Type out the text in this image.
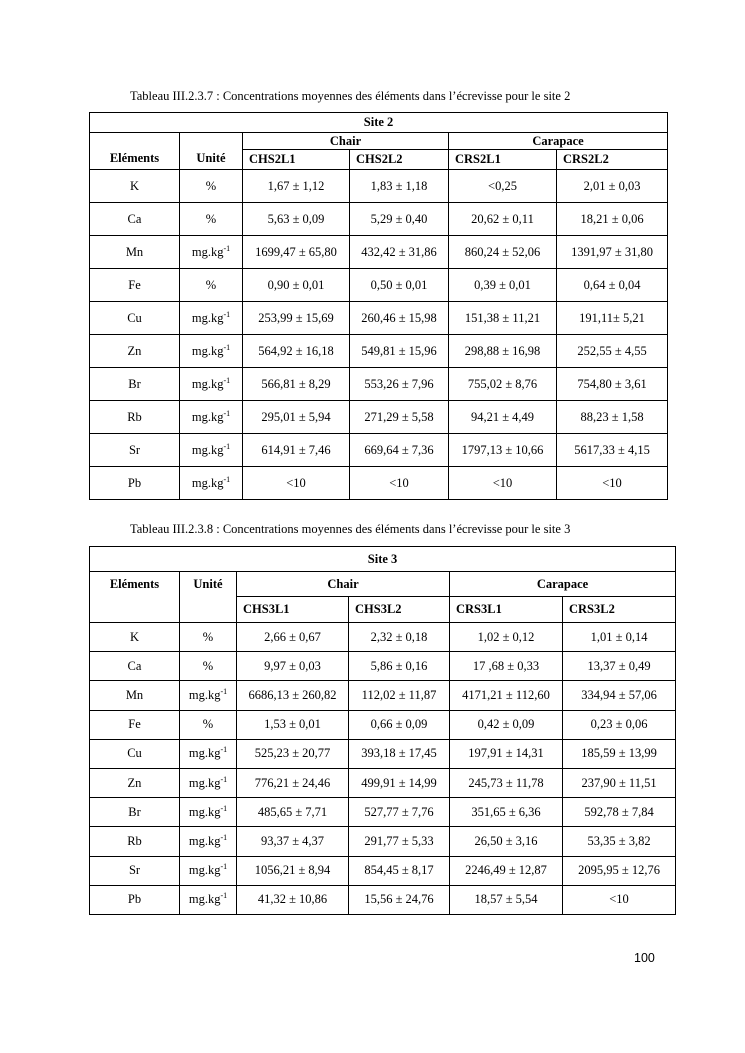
Tableau III.2.3.7 : Concentrations moyennes des éléments dans l’écrevisse pour le site 2
Site 2					
Eléments	Unité	Chair		Carapace	
		CHS2L1	CHS2L2	CRS2L1	CRS2L2
K	%	1,67 ± 1,12	1,83 ± 1,18	<0,25	2,01 ± 0,03
Ca	%	5,63 ± 0,09	5,29 ± 0,40	20,62 ± 0,11	18,21 ± 0,06
Mn	$mg.kg^{-1}$	1699,47 ± 65,80	432,42 ± 31,86	860,24 ± 52,06	1391,97 ± 31,80
Fe	%	0,90 ± 0,01	0,50 ± 0,01	0,39 ± 0,01	0,64 ± 0,04
Cu	$mg.kg^{-1}$	253,99 ± 15,69	260,46 ± 15,98	151,38 ± 11,21	191,11± 5,21
Zn	$mg.kg^{-1}$	564,92 ± 16,18	549,81 ± 15,96	298,88 ± 16,98	252,55 ± 4,55
Br	$mg.kg^{-1}$	566,81 ± 8,29	553,26 ± 7,96	755,02 ± 8,76	754,80 ± 3,61
Rb	$mg.kg^{-1}$	295,01 ± 5,94	271,29 ± 5,58	94,21 ± 4,49	88,23 ± 1,58
Sr	$mg.kg^{-1}$	614,91 ± 7,46	669,64 ± 7,36	1797,13 ± 10,66	5617,33 ± 4,15
Pb	$mg.kg^{-1}$	<10	<10	<10	<10
Tableau III.2.3.8 : Concentrations moyennes des éléments dans l’écrevisse pour le site 3
Site 3					
Eléments	Unité	Chair		Carapace	
		CHS3L1	CHS3L2	CRS3L1	CRS3L2
K	%	2,66 ± 0,67	2,32 ± 0,18	1,02 ± 0,12	1,01 ± 0,14
Ca	%	9,97 ± 0,03	5,86 ± 0,16	17 ,68 ± 0,33	13,37 ± 0,49
Mn	$mg.kg^{-1}$	6686,13 ± 260,82	112,02 ± 11,87	4171,21 ± 112,60	334,94 ± 57,06
Fe	%	1,53 ± 0,01	0,66 ± 0,09	0,42 ± 0,09	0,23 ± 0,06
Cu	$mg.kg^{-1}$	525,23 ± 20,77	393,18 ± 17,45	197,91 ± 14,31	185,59 ± 13,99
Zn	$mg.kg^{-1}$	776,21 ± 24,46	499,91 ± 14,99	245,73 ± 11,78	237,90 ± 11,51
Br	$mg.kg^{-1}$	485,65 ± 7,71	527,77 ± 7,76	351,65 ± 6,36	592,78 ± 7,84
Rb	$mg.kg^{-1}$	93,37 ± 4,37	291,77 ± 5,33	26,50 ± 3,16	53,35 ± 3,82
Sr	$mg.kg^{-1}$	1056,21 ± 8,94	854,45 ± 8,17	2246,49 ± 12,87	2095,95 ± 12,76
Pb	$mg.kg^{-1}$	41,32 ± 10,86	15,56 ± 24,76	18,57 ± 5,54	<10
100
